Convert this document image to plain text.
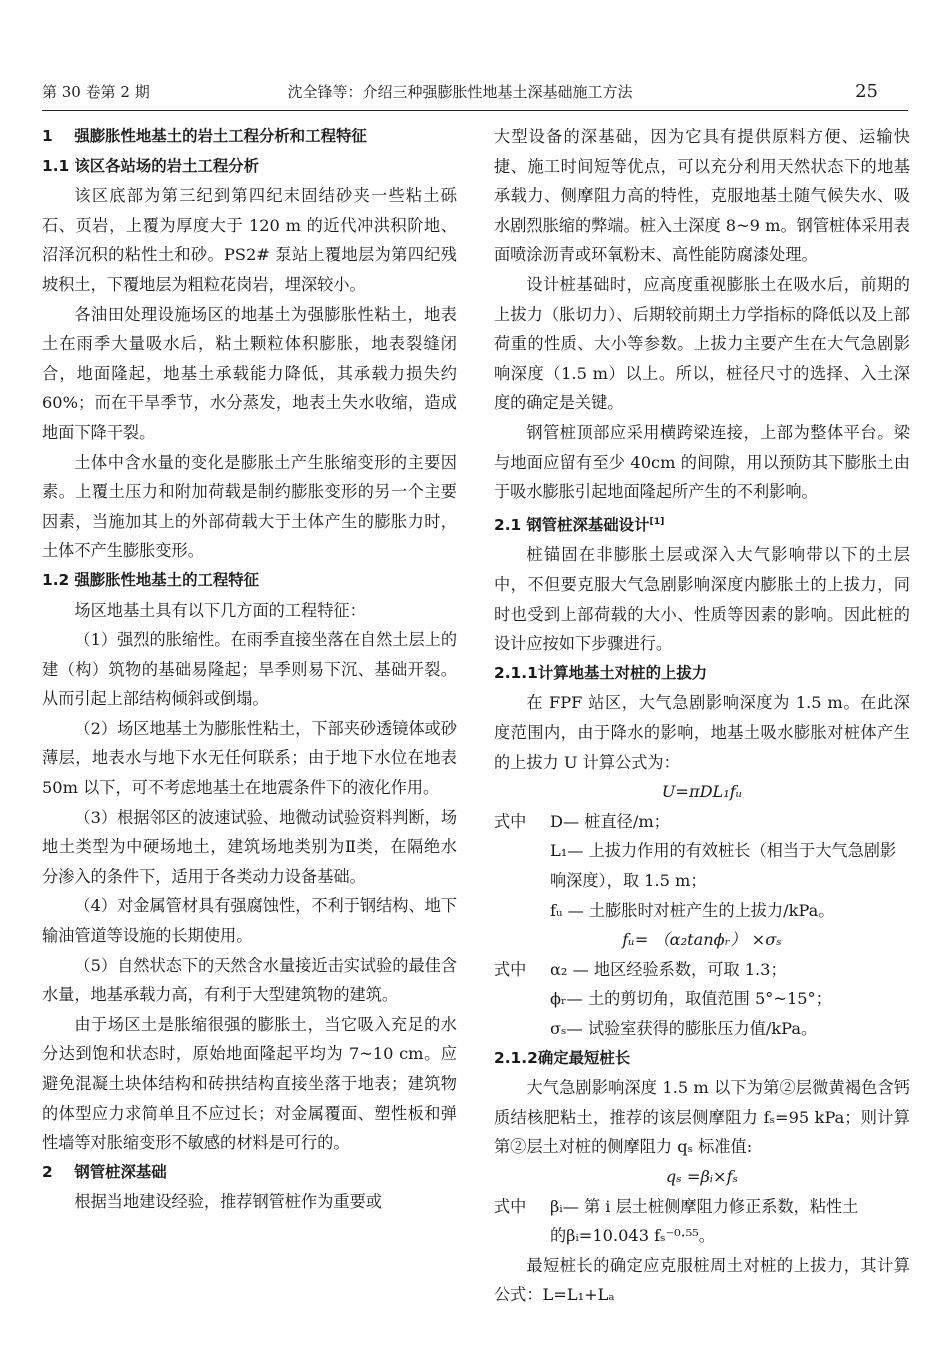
第 30 卷第 2 期	沈全锋等：介绍三种强膨胀性地基土深基础施工方法	25

1 强膨胀性地基土的岩土工程分析和工程特征

1.1 该区各站场的岩土工程分析

该区底部为第三纪到第四纪末固结砂夹一些粘土砾石、页岩，上覆为厚度大于 120 m 的近代冲洪积阶地、沼泽沉积的粘性土和砂。PS2# 泵站上覆地层为第四纪残坡积土，下覆地层为粗粒花岗岩，埋深较小。

各油田处理设施场区的地基土为强膨胀性粘土，地表土在雨季大量吸水后，粘土颗粒体积膨胀，地表裂缝闭合，地面隆起，地基土承载能力降低，其承载力损失约 60%；而在干旱季节，水分蒸发，地表土失水收缩，造成地面下降干裂。

土体中含水量的变化是膨胀土产生胀缩变形的主要因素。上覆土压力和附加荷载是制约膨胀变形的另一个主要因素，当施加其上的外部荷载大于土体产生的膨胀力时，土体不产生膨胀变形。

1.2 强膨胀性地基土的工程特征

场区地基土具有以下几方面的工程特征：

（1）强烈的胀缩性。在雨季直接坐落在自然土层上的建（构）筑物的基础易隆起；旱季则易下沉、基础开裂。从而引起上部结构倾斜或倒塌。

（2）场区地基土为膨胀性粘土，下部夹砂透镜体或砂薄层，地表水与地下水无任何联系；由于地下水位在地表 50m 以下，可不考虑地基土在地震条件下的液化作用。

（3）根据邻区的波速试验、地微动试验资料判断，场地土类型为中硬场地土，建筑场地类别为Ⅱ类，在隔绝水分渗入的条件下，适用于各类动力设备基础。

（4）对金属管材具有强腐蚀性，不利于钢结构、地下输油管道等设施的长期使用。

（5）自然状态下的天然含水量接近击实试验的最佳含水量，地基承载力高，有利于大型建筑物的建筑。

由于场区土是胀缩很强的膨胀土，当它吸入充足的水分达到饱和状态时，原始地面隆起平均为 7~10 cm。应避免混凝土块体结构和砖拱结构直接坐落于地表；建筑物的体型应力求简单且不应过长；对金属覆面、塑性板和弹性墙等对胀缩变形不敏感的材料是可行的。

2 钢管桩深基础

根据当地建设经验，推荐钢管桩作为重要或

大型设备的深基础，因为它具有提供原料方便、运输快捷、施工时间短等优点，可以充分利用天然状态下的地基承载力、侧摩阻力高的特性，克服地基土随气候失水、吸水剧烈胀缩的弊端。桩入土深度 8~9 m。钢管桩体采用表面喷涂沥青或环氧粉末、高性能防腐漆处理。

设计桩基础时，应高度重视膨胀土在吸水后，前期的上拔力（胀切力）、后期较前期土力学指标的降低以及上部荷重的性质、大小等参数。上拔力主要产生在大气急剧影响深度（1.5 m）以上。所以，桩径尺寸的选择、入土深度的确定是关键。

钢管桩顶部应采用横跨梁连接，上部为整体平台。梁与地面应留有至少 40cm 的间隙，用以预防其下膨胀土由于吸水膨胀引起地面隆起所产生的不利影响。

2.1 钢管桩深基础设计[1]

桩锚固在非膨胀土层或深入大气影响带以下的土层中，不但要克服大气急剧影响深度内膨胀土的上拔力，同时也受到上部荷载的大小、性质等因素的影响。因此桩的设计应按如下步骤进行。

2.1.1计算地基土对桩的上拔力

在 FPF 站区，大气急剧影响深度为 1.5 m。在此深度范围内，由于降水的影响，地基土吸水膨胀对桩体产生的上拔力 U 计算公式为：

U=πDL₁fᵤ

式中 D— 桩直径/m；

L₁— 上拔力作用的有效桩长（相当于大气急剧影响深度），取 1.5 m；

fᵤ — 土膨胀时对桩产生的上拔力/kPa。

fᵤ= （α₂tanϕᵣ） ×σₛ

式中 α₂ — 地区经验系数，可取 1.3；

ϕᵣ— 土的剪切角，取值范围 5°~15°；

σₛ— 试验室获得的膨胀压力值/kPa。

2.1.2确定最短桩长

大气急剧影响深度 1.5 m 以下为第②层微黄褐色含钙质结核肥粘土，推荐的该层侧摩阻力 fₛ=95 kPa；则计算第②层土对桩的侧摩阻力 qₛ 标准值:

qₛ =βᵢ×fₛ

式中 βᵢ— 第 i 层土桩侧摩阻力修正系数，粘性土

的βᵢ=10.043 fₛ⁻⁰·⁵⁵。

最短桩长的确定应克服桩周土对桩的上拔力，其计算公式：L=L₁+Lₐ
